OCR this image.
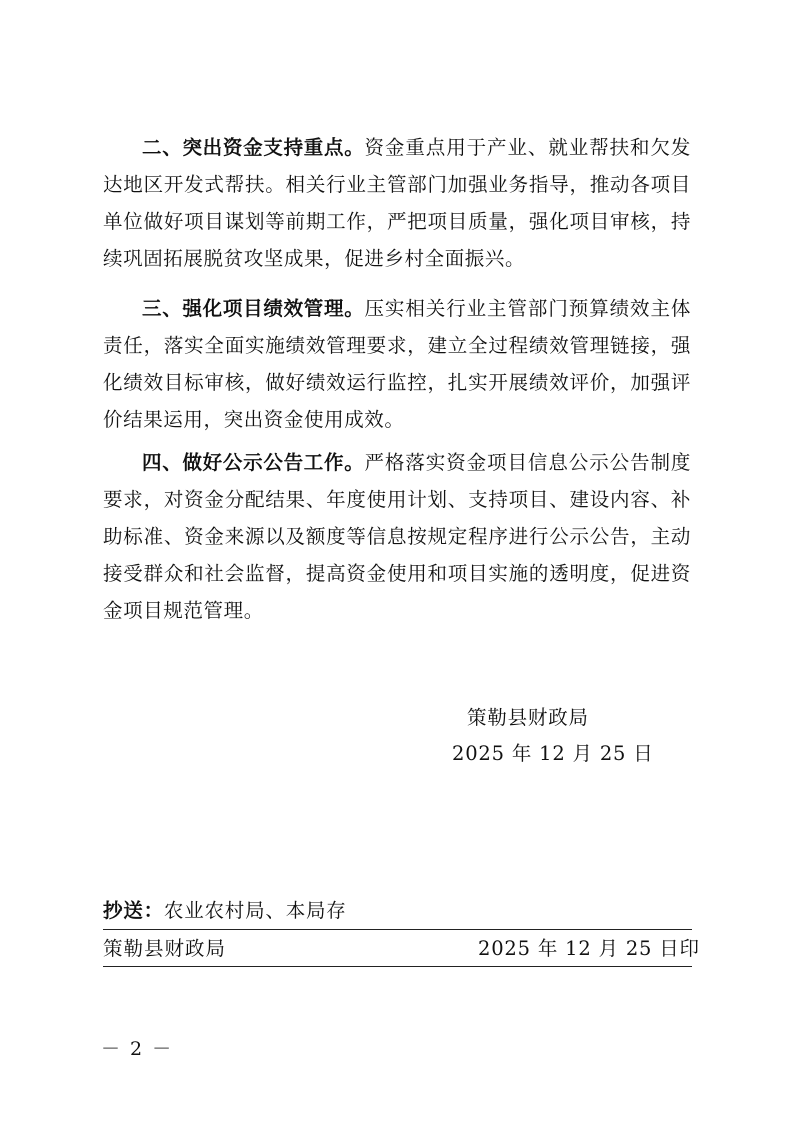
二、突出资金支持重点。资金重点用于产业、就业帮扶和欠发达地区开发式帮扶。相关行业主管部门加强业务指导，推动各项目单位做好项目谋划等前期工作，严把项目质量，强化项目审核，持续巩固拓展脱贫攻坚成果，促进乡村全面振兴。

三、强化项目绩效管理。压实相关行业主管部门预算绩效主体责任，落实全面实施绩效管理要求，建立全过程绩效管理链接，强化绩效目标审核，做好绩效运行监控，扎实开展绩效评价，加强评价结果运用，突出资金使用成效。

四、做好公示公告工作。严格落实资金项目信息公示公告制度要求，对资金分配结果、年度使用计划、支持项目、建设内容、补助标准、资金来源以及额度等信息按规定程序进行公示公告，主动接受群众和社会监督，提高资金使用和项目实施的透明度，促进资金项目规范管理。

策勒县财政局
2025 年 12 月 25 日
抄送：农业农村局、本局存
策勒县财政局	2025 年 12 月 25 日印
－ 2 －
